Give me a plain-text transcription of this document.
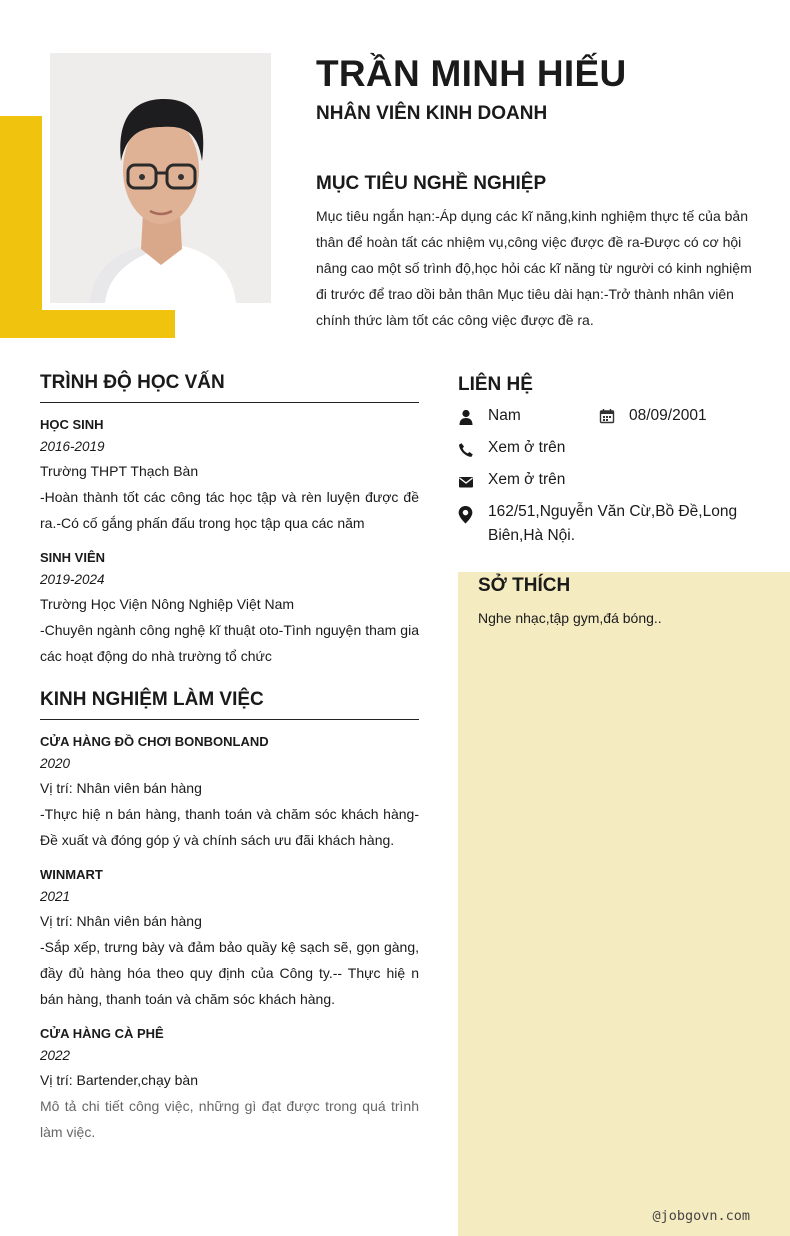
TRẦN MINH HIẾU
NHÂN VIÊN KINH DOANH
MỤC TIÊU NGHỀ NGHIỆP
Mục tiêu ngắn hạn:-Áp dụng các kĩ năng,kinh nghiệm thực tế của bản thân để hoàn tất các nhiệm vụ,công việc được đề ra-Được có cơ hội nâng cao một số trình độ,học hỏi các kĩ năng từ người có kinh nghiệm đi trước để trao dồi bản thân Mục tiêu dài hạn:-Trở thành nhân viên chính thức làm tốt các công việc được đề ra.
TRÌNH ĐỘ HỌC VẤN
HỌC SINH
2016-2019
Trường THPT Thạch Bàn
-Hoàn thành tốt các công tác học tập và rèn luyện được đề ra.-Có cố gắng phấn đấu trong học tập qua các năm
SINH VIÊN
2019-2024
Trường Học Viện Nông Nghiệp Việt Nam
-Chuyên ngành công nghệ kĩ thuật oto-Tình nguyện tham gia các hoạt động do nhà trường tổ chức
KINH NGHIỆM LÀM VIỆC
CỬA HÀNG ĐỒ CHƠI BONBONLAND
2020
Vị trí: Nhân viên bán hàng
-Thực hiệ n bán hàng, thanh toán và chăm sóc khách hàng-Đề xuất và đóng góp ý và chính sách ưu đãi khách hàng.
WINMART
2021
Vị trí: Nhân viên bán hàng
-Sắp xếp, trưng bày và đảm bảo quầy kệ sạch sẽ, gọn gàng, đầy đủ hàng hóa theo quy định của Công ty.-- Thực hiệ n bán hàng, thanh toán và chăm sóc khách hàng.
CỬA HÀNG CÀ PHÊ
2022
Vị trí: Bartender,chạy bàn
Mô tả chi tiết công việc, những gì đạt được trong quá trình làm việc.
LIÊN HỆ
Nam	08/09/2001
Xem ở trên
Xem ở trên
162/51,Nguyễn Văn Cừ,Bồ Đề,Long Biên,Hà Nội.
SỞ THÍCH
Nghe nhạc,tập gym,đá bóng..
@jobgovn.com
